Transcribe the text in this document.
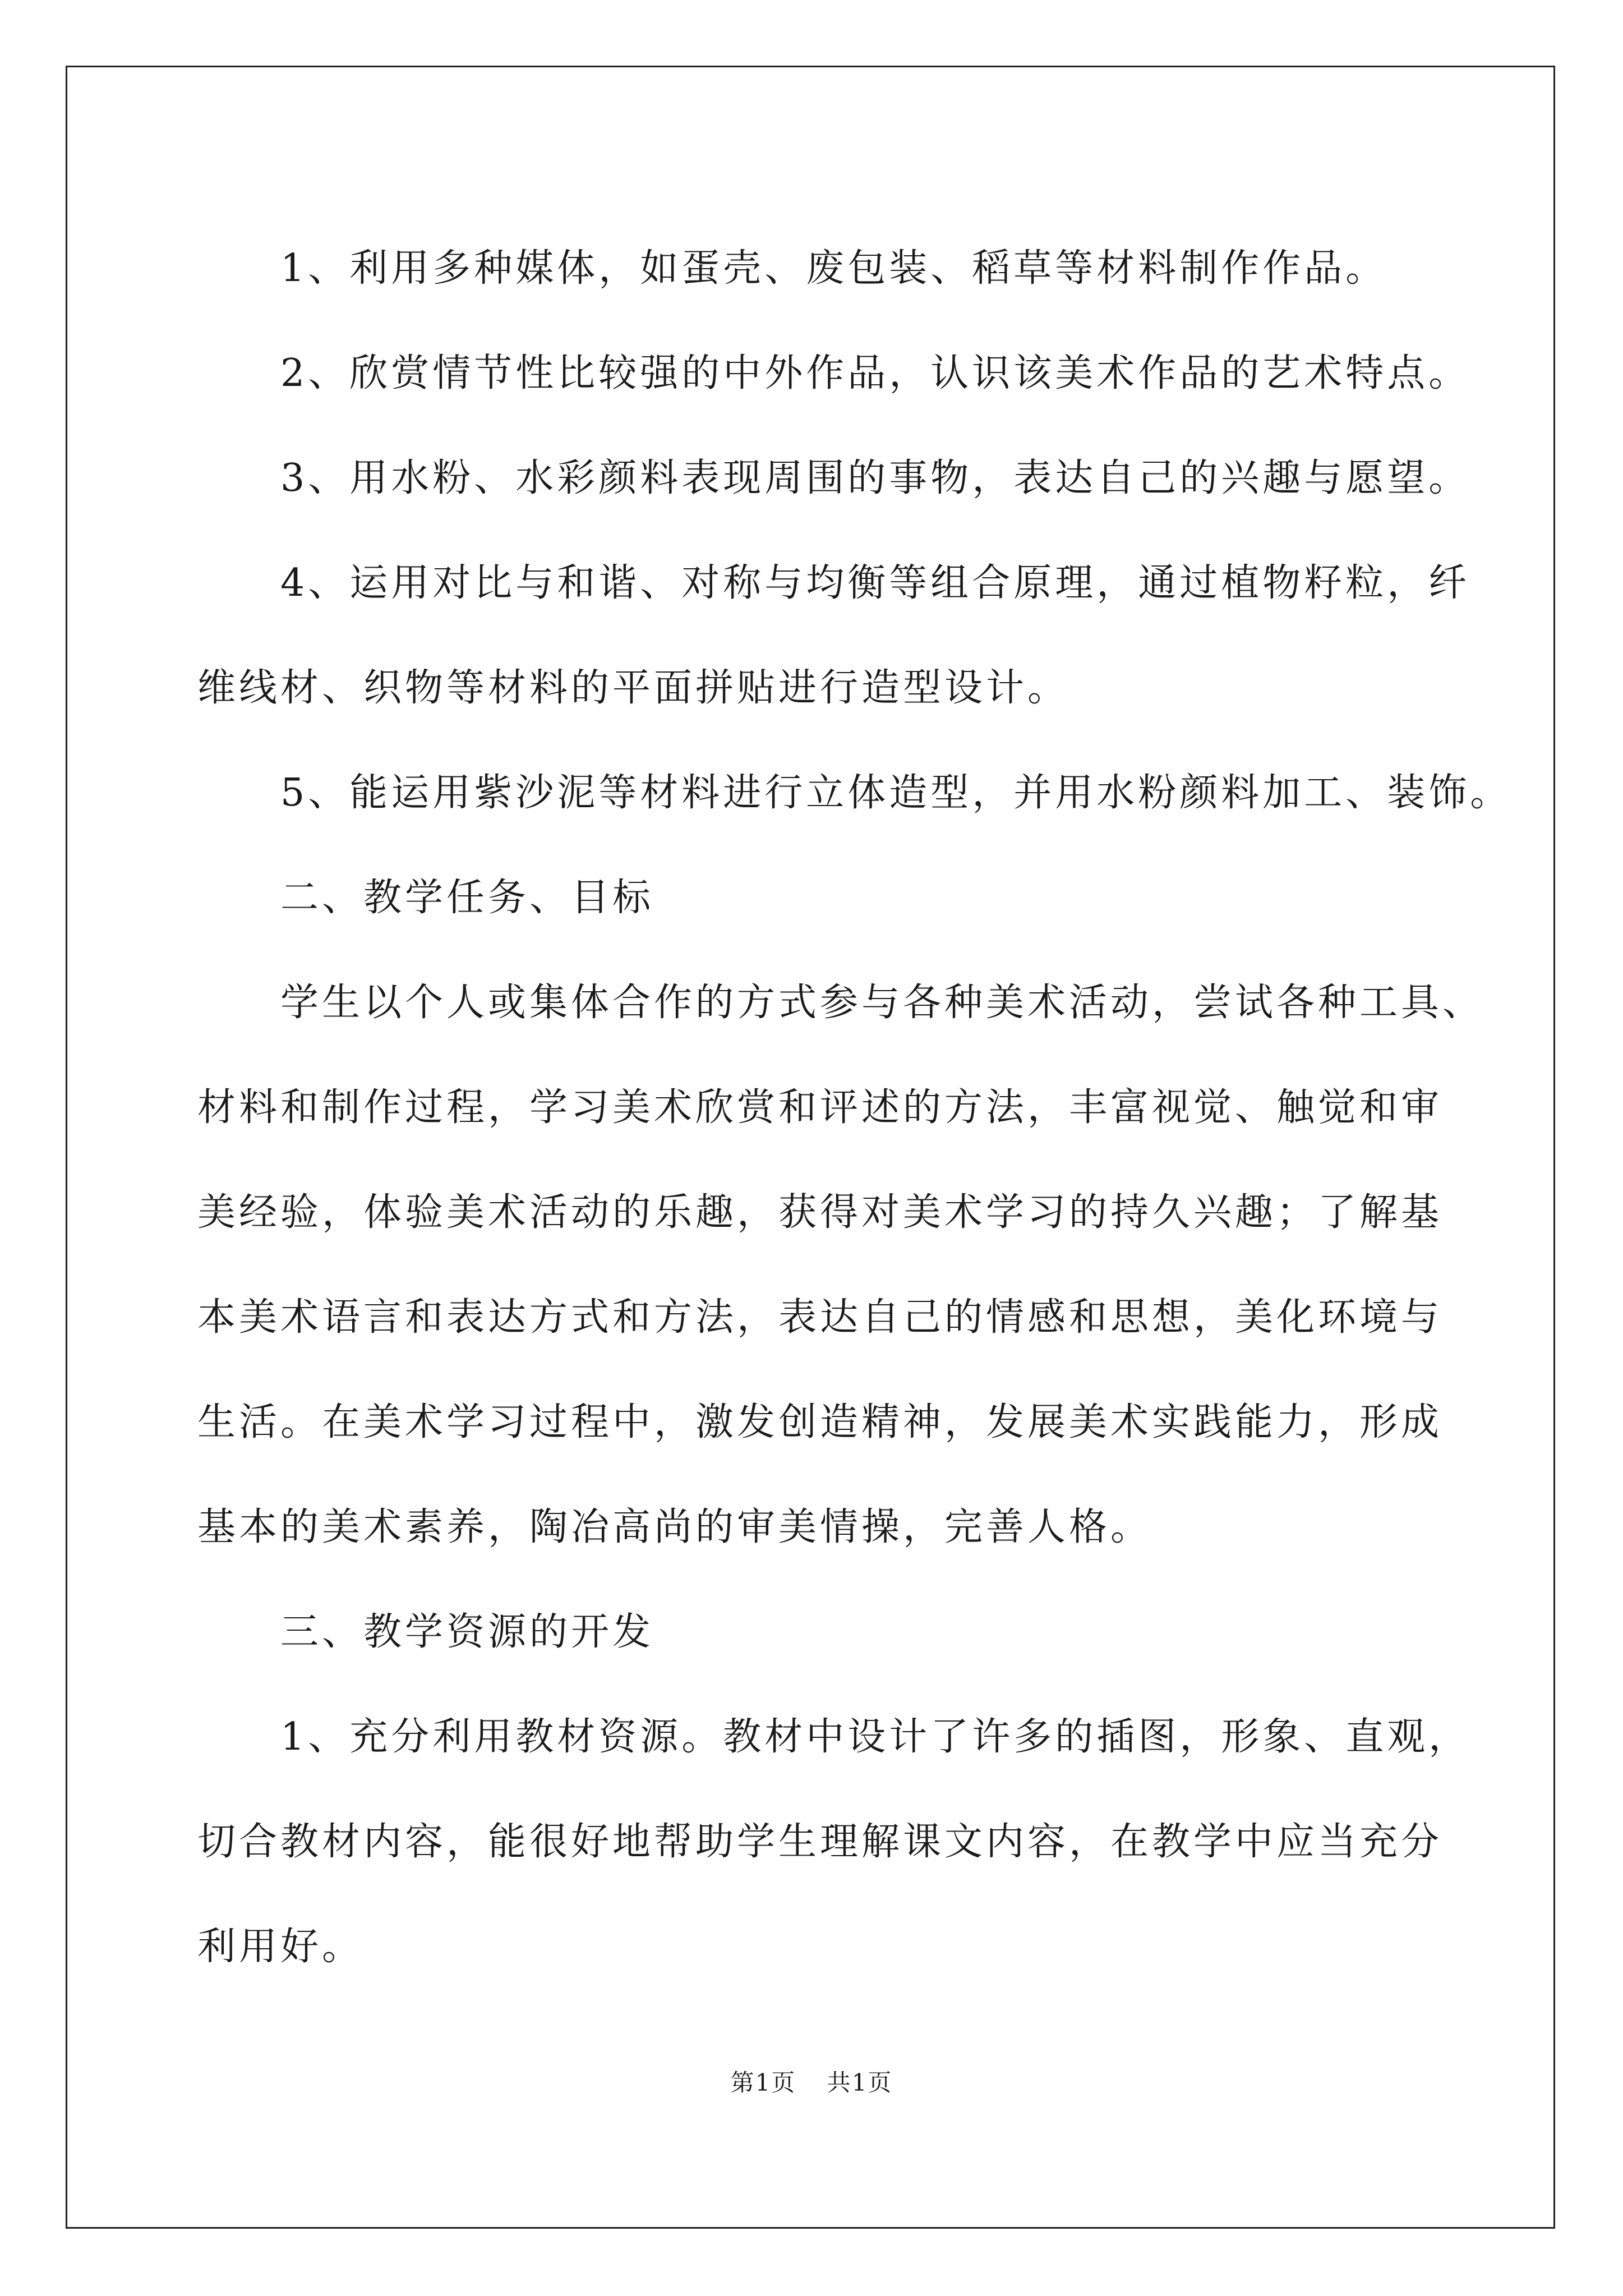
1、利用多种媒体，如蛋壳、废包装、稻草等材料制作作品。

2、欣赏情节性比较强的中外作品，认识该美术作品的艺术特点。

3、用水粉、水彩颜料表现周围的事物，表达自己的兴趣与愿望。

4、运用对比与和谐、对称与均衡等组合原理，通过植物籽粒，纤

维线材、织物等材料的平面拼贴进行造型设计。

5、能运用紫沙泥等材料进行立体造型，并用水粉颜料加工、装饰。

二、教学任务、目标

学生以个人或集体合作的方式参与各种美术活动，尝试各种工具、

材料和制作过程，学习美术欣赏和评述的方法，丰富视觉、触觉和审

美经验，体验美术活动的乐趣，获得对美术学习的持久兴趣；了解基

本美术语言和表达方式和方法，表达自己的情感和思想，美化环境与

生活。在美术学习过程中，激发创造精神，发展美术实践能力，形成

基本的美术素养，陶冶高尚的审美情操，完善人格。

三、教学资源的开发

1、充分利用教材资源。教材中设计了许多的插图，形象、直观，

切合教材内容，能很好地帮助学生理解课文内容，在教学中应当充分

利用好。

第1页 共1页
